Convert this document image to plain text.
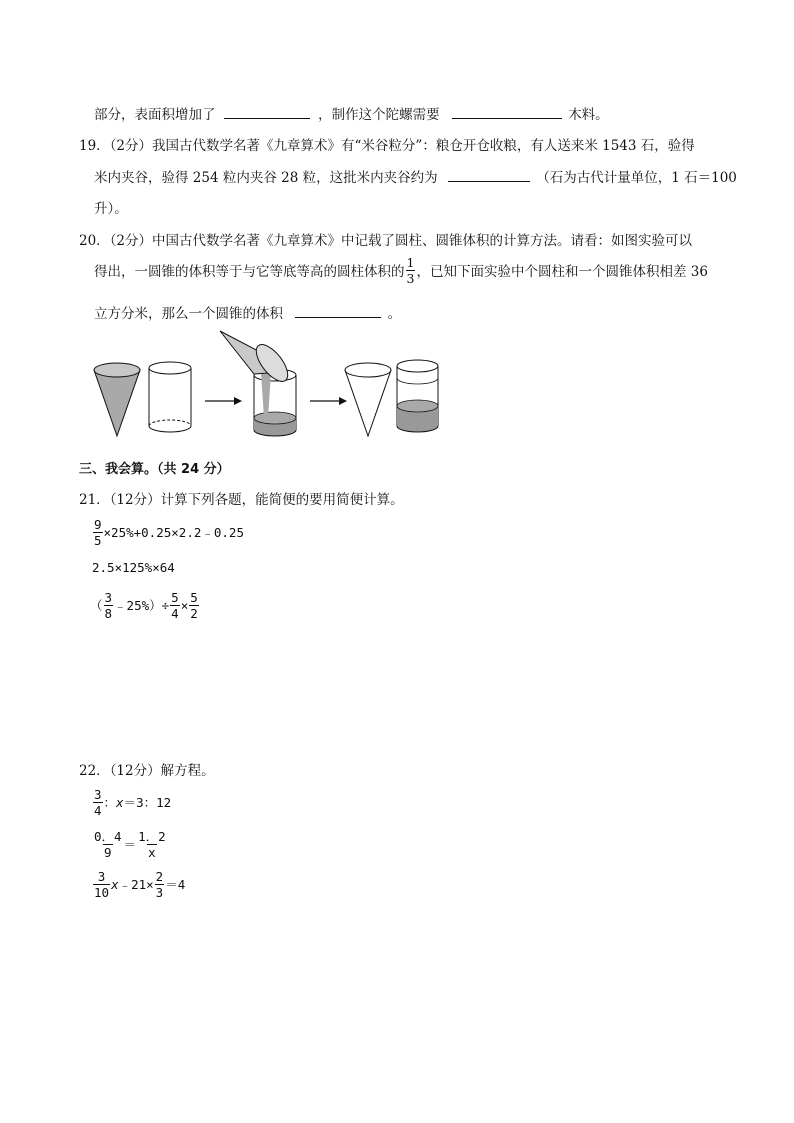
部分，表面积增加了	，制作这个陀螺需要	木料。
19．（2分）我国古代数学名著《九章算术》有“米谷粒分”：粮仓开仓收粮，有人送来米 1543 石，验得
米内夹谷，验得 254 粒内夹谷 28 粒，这批米内夹谷约为	（石为古代计量单位，1 石＝100
升）。
20．（2分）中国古代数学名著《九章算术》中记载了圆柱、圆锥体积的计算方法。请看：如图实验可以
得出，一圆锥的体积等于与它等底等高的圆柱体积的 $\frac{1}{3}$ ，已知下面实验中个圆柱和一个圆锥体积相差 36
立方分米，那么一个圆锥的体积	。
三、我会算。（共 24 分）
21．（12分）计算下列各题，能简便的要用简便计算。
$\frac{9}{5}$ ×25%+0.25×2.2﹣0.25
2.5×125%×64
（ $\frac{3}{8}$ ﹣25%）÷ $\frac{5}{4} \times \frac{5}{2}$
22．（12分）解方程。
$\frac{3}{4}$ ： x ＝3：12
$\frac{0.4}{9} = \frac{1.2}{x}$
$\frac{3}{10}$ x ﹣21× $\frac{2}{3} =4$
